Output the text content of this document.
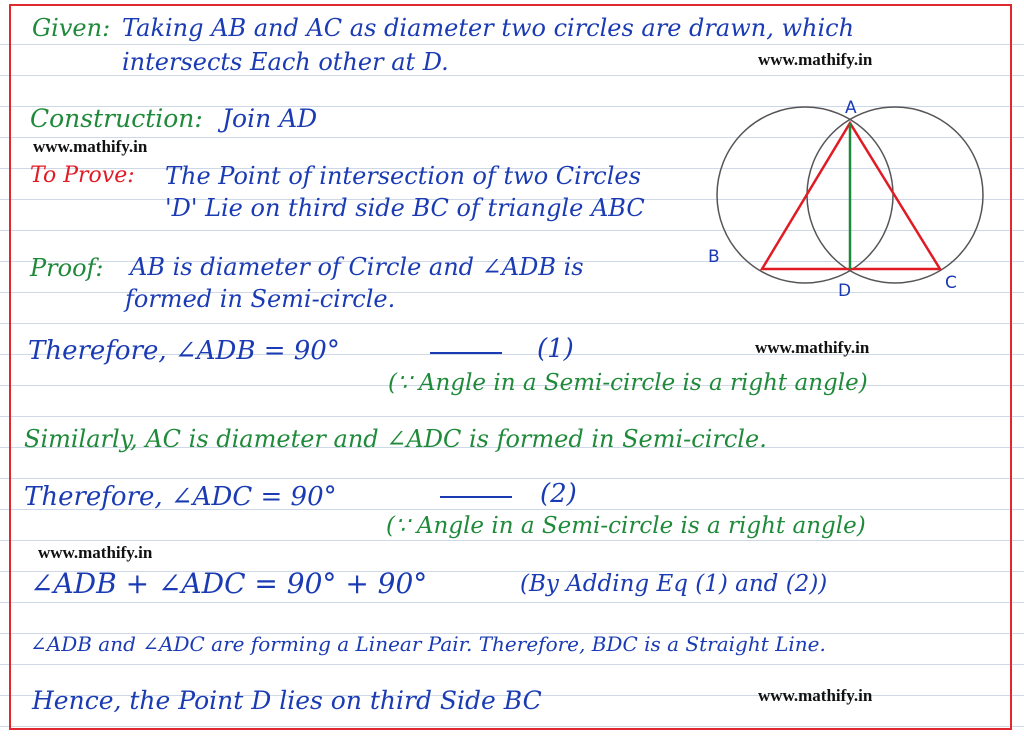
Given: Taking AB and AC as diameter two circles are drawn, which
intersects Each other at D.	www.mathify.in
Construction: Join AD
www.mathify.in
To Prove: The Point of intersection of two Circles
'D' Lie on third side BC of triangle ABC
Proof: AB is diameter of Circle and ∠ADB is
formed in Semi-circle.
A
B
C
D
Therefore, ∠ADB = 90°	(1)	www.mathify.in
(∵ Angle in a Semi-circle is a right angle)
Similarly, AC is diameter and ∠ADC is formed in Semi-circle.
Therefore, ∠ADC = 90°	(2)
(∵ Angle in a Semi-circle is a right angle)
www.mathify.in
∠ADB + ∠ADC = 90° + 90°	(By Adding Eq (1) and (2))
∠ADB and ∠ADC are forming a Linear Pair. Therefore, BDC is a Straight Line.
Hence, the Point D lies on third Side BC	www.mathify.in
